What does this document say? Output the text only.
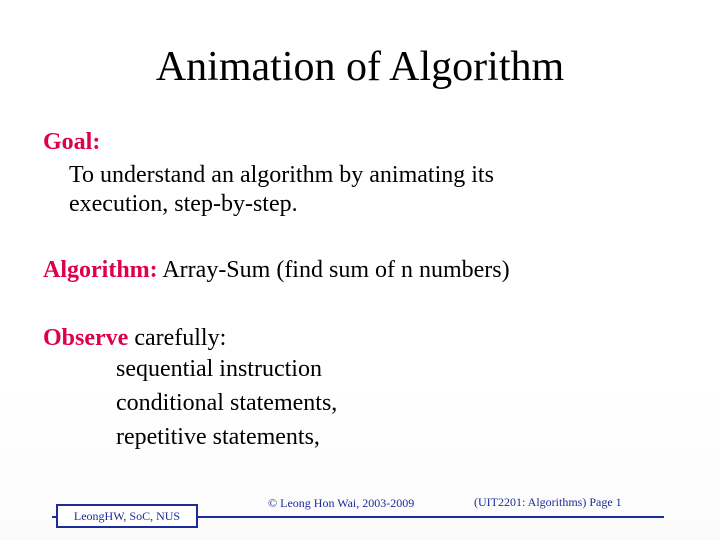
Animation of Algorithm
Goal:
To understand an algorithm by animating its
execution, step-by-step.
Algorithm: Array-Sum (find sum of n numbers)
Observe carefully:
sequential instruction
conditional statements,
repetitive statements,
LeongHW, SoC, NUS
© Leong Hon Wai, 2003-2009	(UIT2201: Algorithms) Page 1
